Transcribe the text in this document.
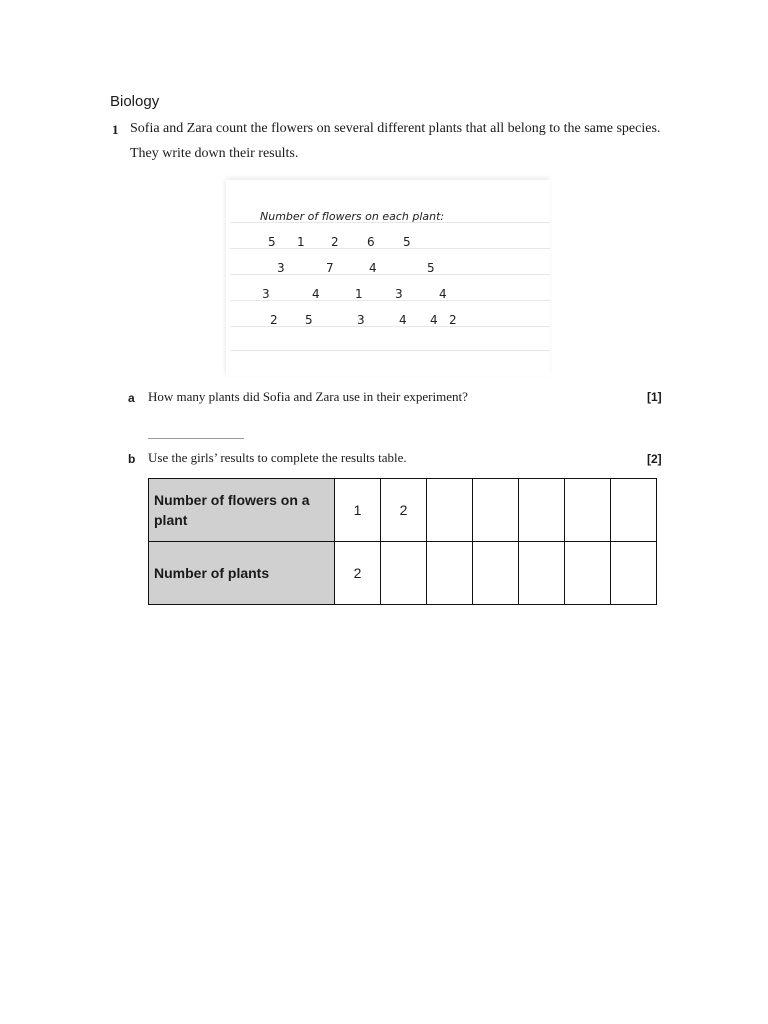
Biology
1 Sofia and Zara count the flowers on several different plants that all belong to the same species.
They write down their results.
Number of flowers on each plant:
5 1 2 6 5
3	7	4	5
3	4	1	3	4
2 5	3	4 4 2
a How many plants did Sofia and Zara use in their experiment?	[1]
b Use the girls’ results to complete the results table.	[2]
Number of flowers on a plant	1	2					
Number of plants	2						
